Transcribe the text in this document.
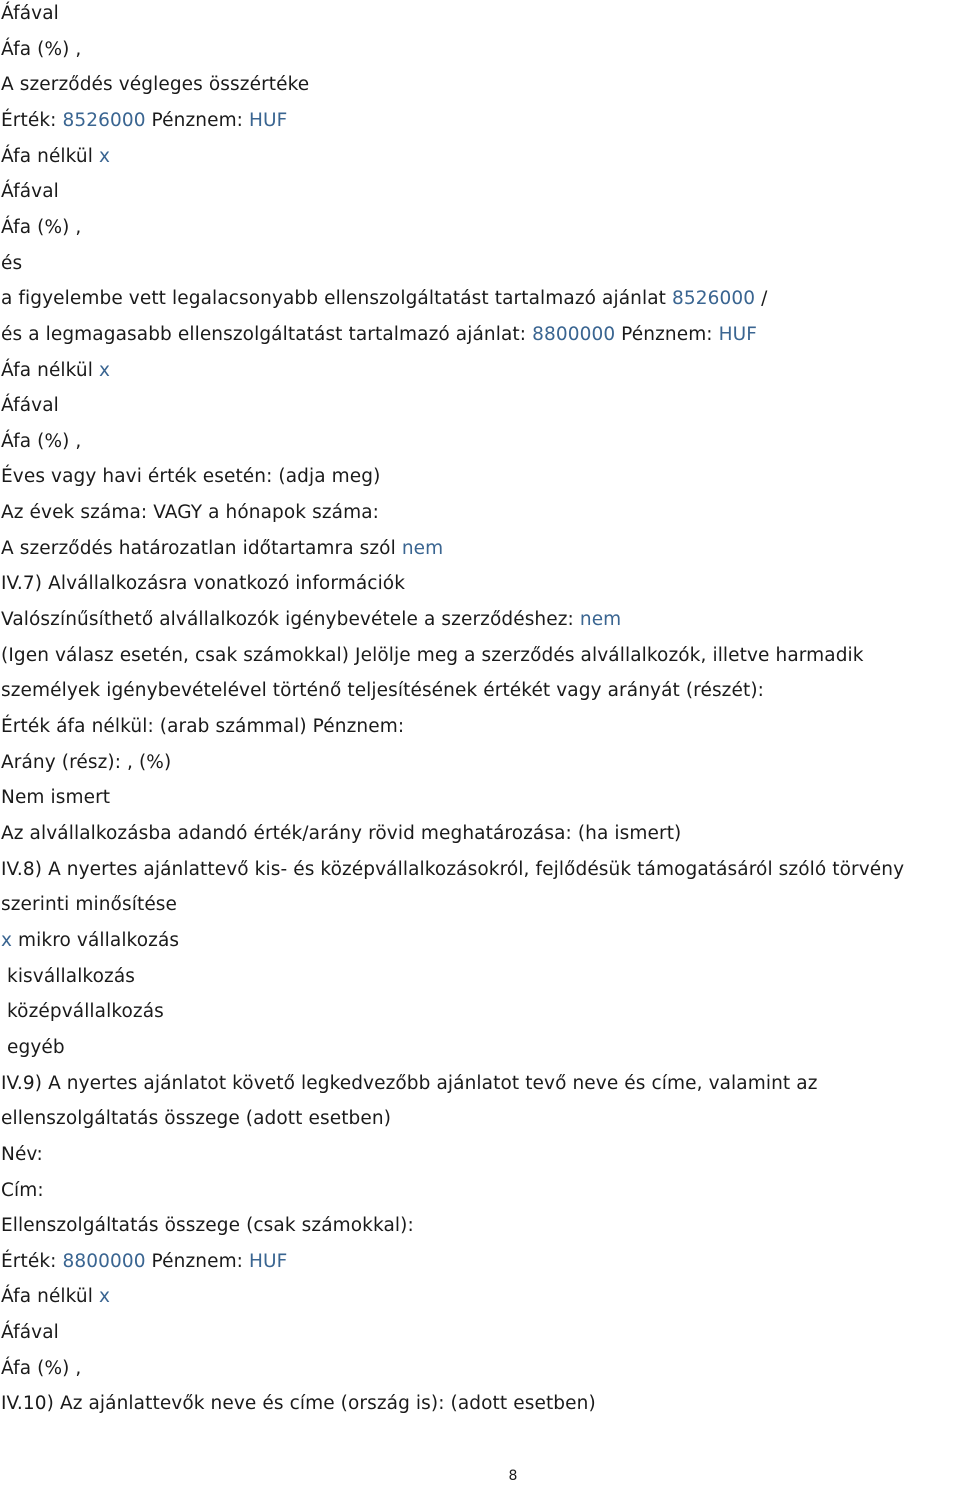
Áfával

Áfa (%) ,

A szerződés végleges összértéke

Érték: 8526000 Pénznem: HUF

Áfa nélkül x

Áfával

Áfa (%) ,

és

a figyelembe vett legalacsonyabb ellenszolgáltatást tartalmazó ajánlat 8526000 /

és a legmagasabb ellenszolgáltatást tartalmazó ajánlat: 8800000 Pénznem: HUF

Áfa nélkül x

Áfával

Áfa (%) ,

Éves vagy havi érték esetén: (adja meg)

Az évek száma: VAGY a hónapok száma:

A szerződés határozatlan időtartamra szól nem

IV.7) Alvállalkozásra vonatkozó információk

Valószínűsíthető alvállalkozók igénybevétele a szerződéshez: nem

(Igen válasz esetén, csak számokkal) Jelölje meg a szerződés alvállalkozók, illetve harmadik

személyek igénybevételével történő teljesítésének értékét vagy arányát (részét):

Érték áfa nélkül: (arab számmal) Pénznem:

Arány (rész): , (%)

Nem ismert

Az alvállalkozásba adandó érték/arány rövid meghatározása: (ha ismert)

IV.8) A nyertes ajánlattevő kis- és középvállalkozásokról, fejlődésük támogatásáról szóló törvény

szerinti minősítése

x mikro vállalkozás

kisvállalkozás

középvállalkozás

egyéb

IV.9) A nyertes ajánlatot követő legkedvezőbb ajánlatot tevő neve és címe, valamint az

ellenszolgáltatás összege (adott esetben)

Név:

Cím:

Ellenszolgáltatás összege (csak számokkal):

Érték: 8800000 Pénznem: HUF

Áfa nélkül x

Áfával

Áfa (%) ,

IV.10) Az ajánlattevők neve és címe (ország is): (adott esetben)

8
